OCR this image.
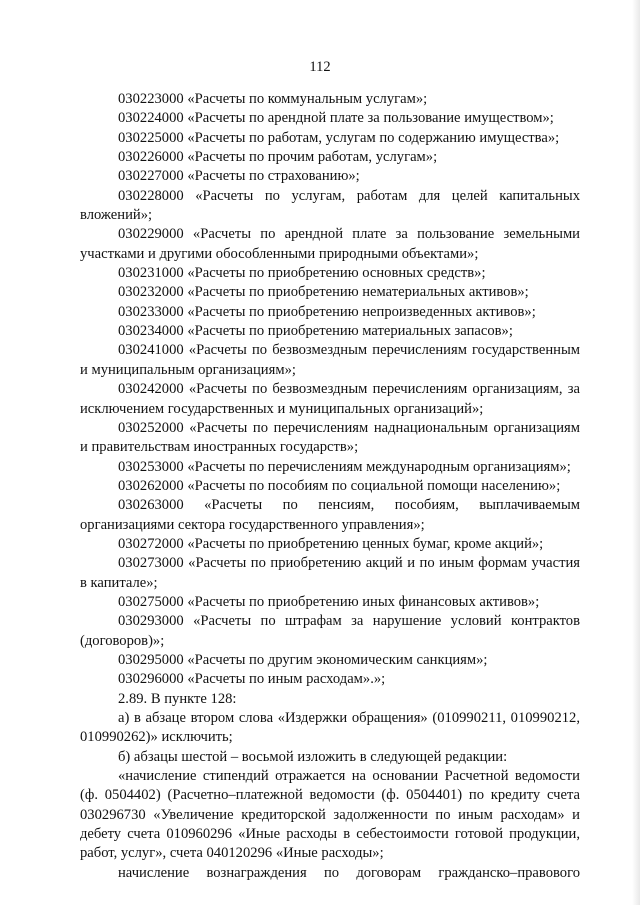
112

030223000 «Расчеты по коммунальным услугам»;

030224000 «Расчеты по арендной плате за пользование имуществом»;

030225000 «Расчеты по работам, услугам по содержанию имущества»;

030226000 «Расчеты по прочим работам, услугам»;

030227000 «Расчеты по страхованию»;

030228000 «Расчеты по услугам, работам для целей капитальных вложений»;

030229000 «Расчеты по арендной плате за пользование земельными участками и другими обособленными природными объектами»;

030231000 «Расчеты по приобретению основных средств»;

030232000 «Расчеты по приобретению нематериальных активов»;

030233000 «Расчеты по приобретению непроизведенных активов»;

030234000 «Расчеты по приобретению материальных запасов»;

030241000 «Расчеты по безвозмездным перечислениям государственным и муниципальным организациям»;

030242000 «Расчеты по безвозмездным перечислениям организациям, за исключением государственных и муниципальных организаций»;

030252000 «Расчеты по перечислениям наднациональным организациям и правительствам иностранных государств»;

030253000 «Расчеты по перечислениям международным организациям»;

030262000 «Расчеты по пособиям по социальной помощи населению»;

030263000 «Расчеты по пенсиям, пособиям, выплачиваемым организациями сектора государственного управления»;

030272000 «Расчеты по приобретению ценных бумаг, кроме акций»;

030273000 «Расчеты по приобретению акций и по иным формам участия в капитале»;

030275000 «Расчеты по приобретению иных финансовых активов»;

030293000 «Расчеты по штрафам за нарушение условий контрактов (договоров)»;

030295000 «Расчеты по другим экономическим санкциям»;

030296000 «Расчеты по иным расходам».»;

2.89. В пункте 128:

а) в абзаце втором слова «Издержки обращения» (010990211, 010990212, 010990262)» исключить;

б) абзацы шестой – восьмой изложить в следующей редакции:

«начисление стипендий отражается на основании Расчетной ведомости (ф. 0504402) (Расчетно–платежной ведомости (ф. 0504401) по кредиту счета 030296730 «Увеличение кредиторской задолженности по иным расходам» и дебету счета 010960296 «Иные расходы в себестоимости готовой продукции, работ, услуг», счета 040120296 «Иные расходы»;

начисление вознаграждения по договорам гражданско–правового
